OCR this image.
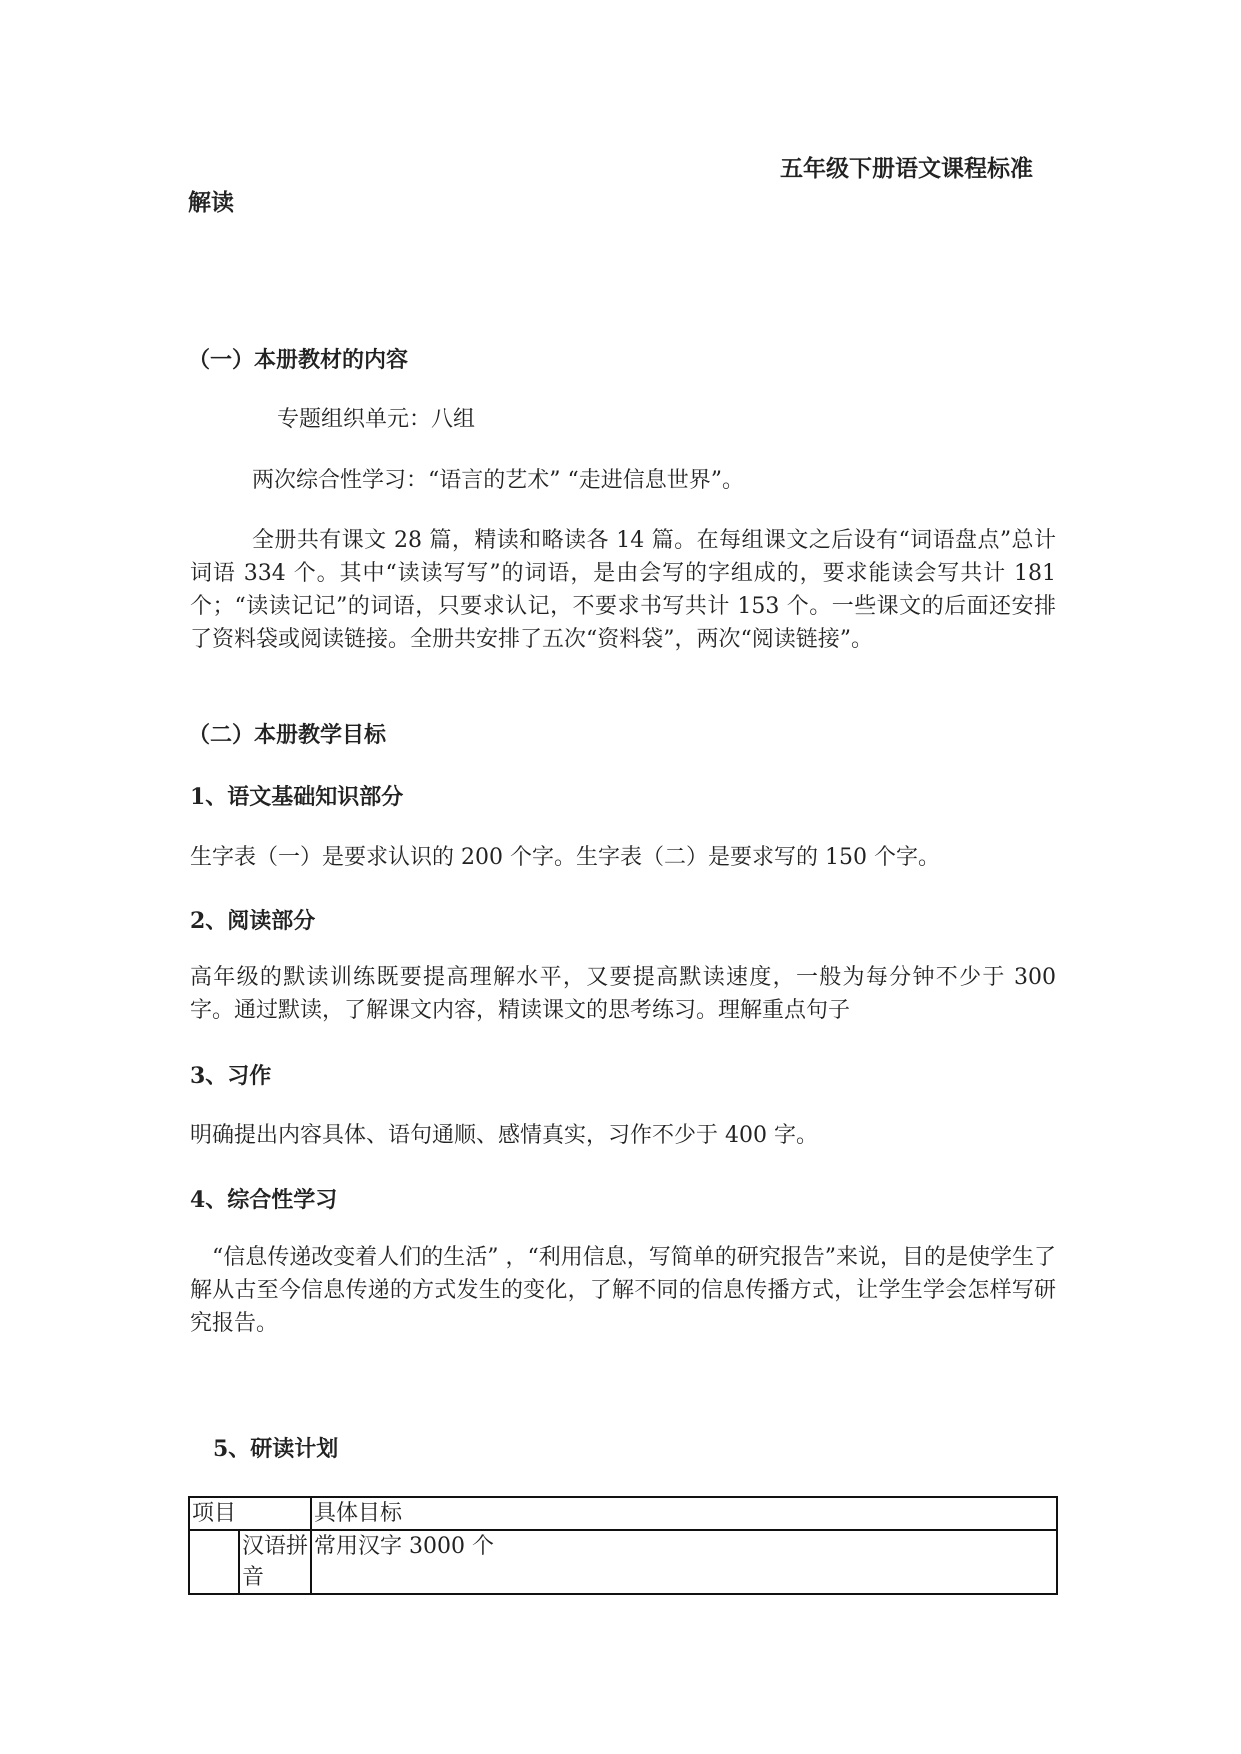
五年级下册语文课程标准
解读
（一）本册教材的内容
专题组织单元：八组
两次综合性学习：“语言的艺术” “走进信息世界”。
全册共有课文 28 篇，精读和略读各 14 篇。在每组课文之后设有“词语盘点”总计词语 334 个。其中“读读写写”的词语，是由会写的字组成的，要求能读会写共计 181 个；“读读记记”的词语，只要求认记，不要求书写共计 153 个。一些课文的后面还安排了资料袋或阅读链接。全册共安排了五次“资料袋”，两次“阅读链接”。
（二）本册教学目标
1、语文基础知识部分
生字表（一）是要求认识的 200 个字。生字表（二）是要求写的 150 个字。
2、阅读部分
高年级的默读训练既要提高理解水平，又要提高默读速度，一般为每分钟不少于 300 字。通过默读，了解课文内容，精读课文的思考练习。理解重点句子
3、习作
明确提出内容具体、语句通顺、感情真实，习作不少于 400 字。
4、综合性学习
“信息传递改变着人们的生活” ，“利用信息，写简单的研究报告”来说，目的是使学生了解从古至今信息传递的方式发生的变化，了解不同的信息传播方式，让学生学会怎样写研究报告。
5、研读计划
项目		具体目标
	汉语拼音	常用汉字 3000 个
